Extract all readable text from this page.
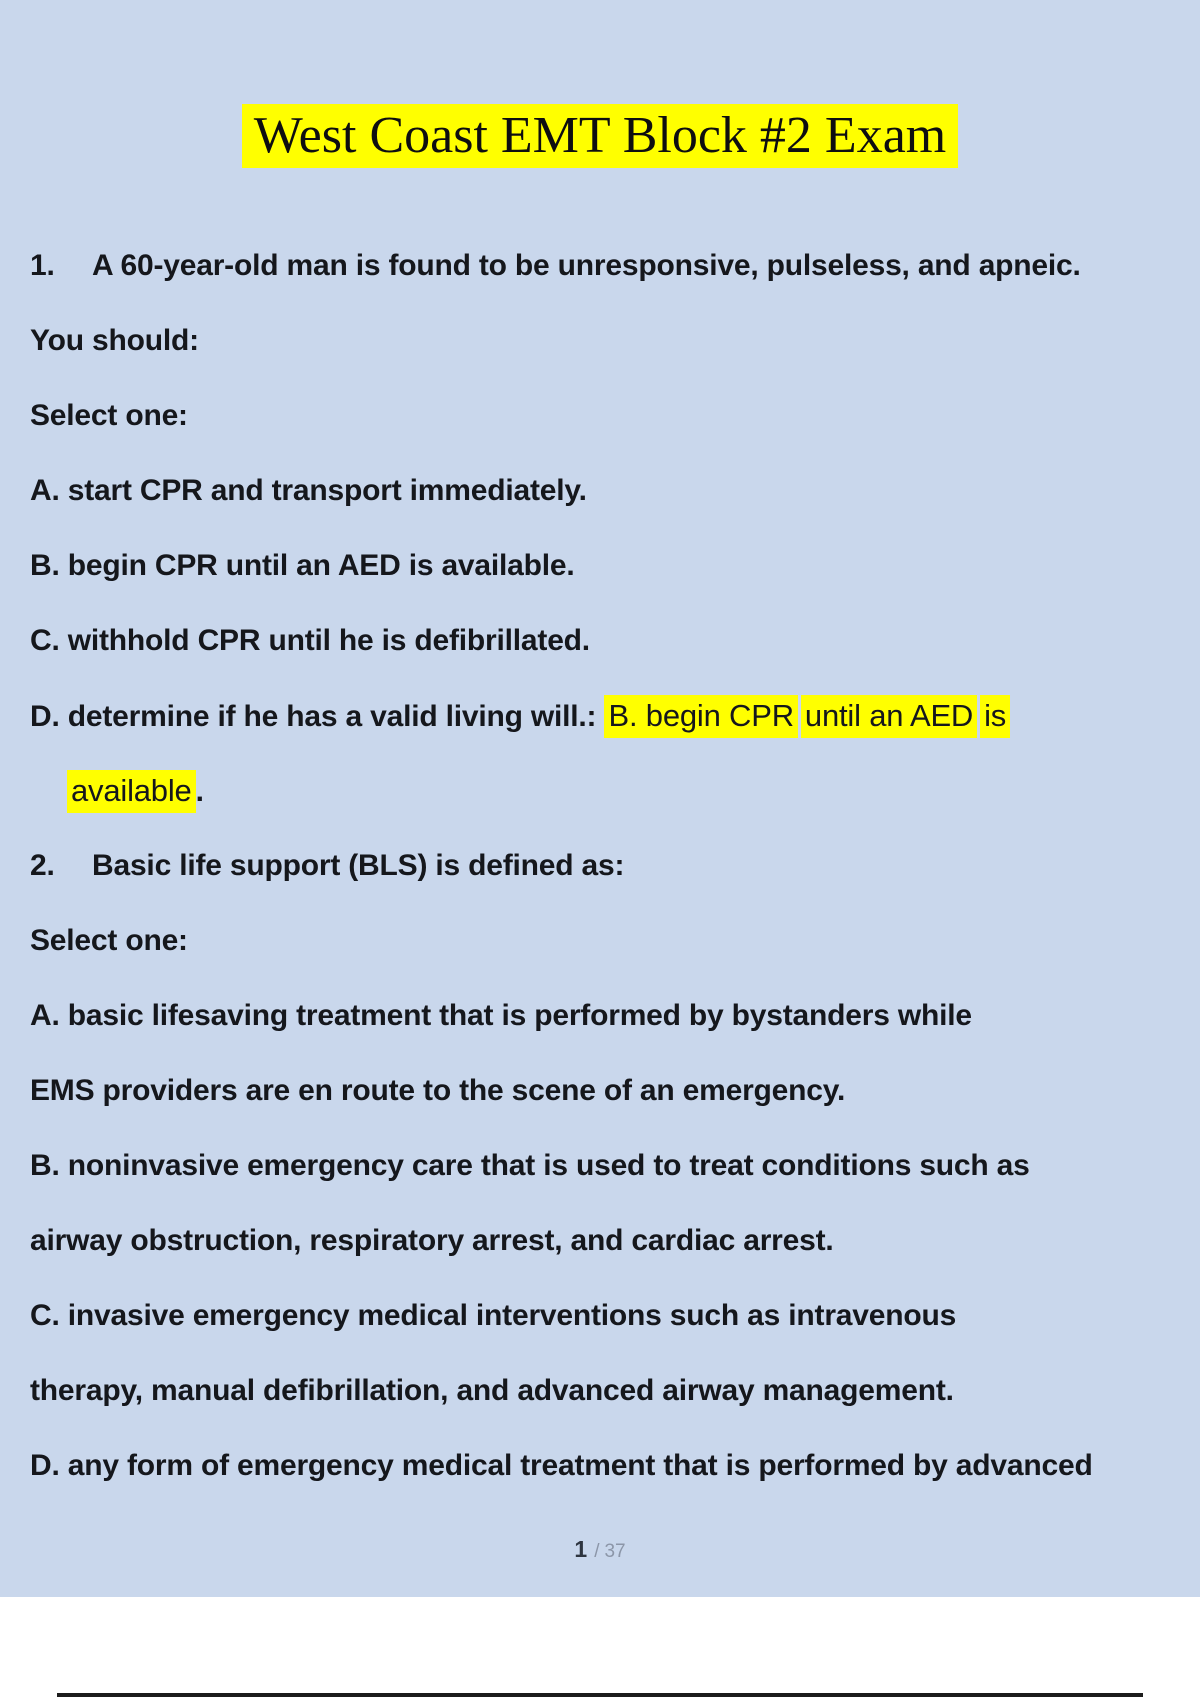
West Coast EMT Block #2 Exam
1. A 60-year-old man is found to be unresponsive, pulseless, and apneic.
You should:
Select one:
A. start CPR and transport immediately.
B. begin CPR until an AED is available.
C. withhold CPR until he is defibrillated.
D. determine if he has a valid living will.: B. begin CPR until an AED is
available .
2. Basic life support (BLS) is defined as:
Select one:
A. basic lifesaving treatment that is performed by bystanders while
EMS providers are en route to the scene of an emergency.
B. noninvasive emergency care that is used to treat conditions such as
airway obstruction, respiratory arrest, and cardiac arrest.
C. invasive emergency medical interventions such as intravenous
therapy, manual defibrillation, and advanced airway management.
D. any form of emergency medical treatment that is performed by advanced
1 / 37
